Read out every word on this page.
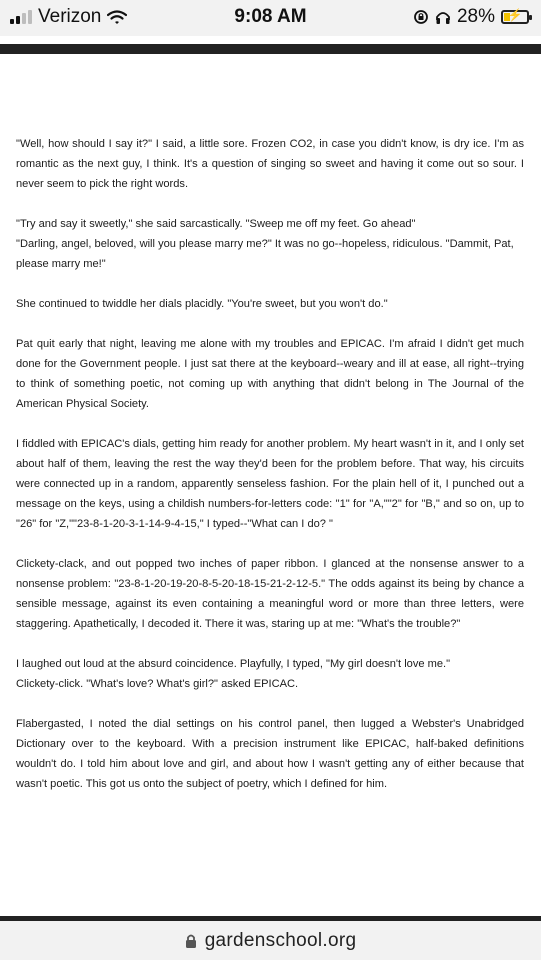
Verizon	9:08 AM	28%	⚡

"Well, how should I say it?" I said, a little sore. Frozen CO2, in case you didn't know, is dry ice. I'm as romantic as the next guy, I think. It's a question of singing so sweet and having it come out so sour. I never seem to pick the right words.

"Try and say it sweetly," she said sarcastically. "Sweep me off my feet. Go ahead"
"Darling, angel, beloved, will you please marry me?" It was no go--hopeless, ridiculous. "Dammit, Pat, please marry me!"

She continued to twiddle her dials placidly. "You're sweet, but you won't do."

Pat quit early that night, leaving me alone with my troubles and EPICAC. I'm afraid I didn't get much done for the Government people. I just sat there at the keyboard--weary and ill at ease, all right--trying to think of something poetic, not coming up with anything that didn't belong in The Journal of the American Physical Society.

I fiddled with EPICAC's dials, getting him ready for another problem. My heart wasn't in it, and I only set about half of them, leaving the rest the way they'd been for the problem before. That way, his circuits were connected up in a random, apparently senseless fashion. For the plain hell of it, I punched out a message on the keys, using a childish numbers-for-letters code: "1" for "A,""2" for "B," and so on, up to "26" for "Z,""23-8-1-20-3-1-14-9-4-15," I typed--"What can I do? "

Clickety-clack, and out popped two inches of paper ribbon. I glanced at the nonsense answer to a nonsense problem: "23-8-1-20-19-20-8-5-20-18-15-21-2-12-5." The odds against its being by chance a sensible message, against its even containing a meaningful word or more than three letters, were staggering. Apathetically, I decoded it. There it was, staring up at me: "What's the trouble?"

I laughed out loud at the absurd coincidence. Playfully, I typed, "My girl doesn't love me."
Clickety-click. "What's love? What's girl?" asked EPICAC.

Flabergasted, I noted the dial settings on his control panel, then lugged a Webster's Unabridged Dictionary over to the keyboard. With a precision instrument like EPICAC, half-baked definitions wouldn't do. I told him about love and girl, and about how I wasn't getting any of either because that wasn't poetic. This got us onto the subject of poetry, which I defined for him.

gardenschool.org
